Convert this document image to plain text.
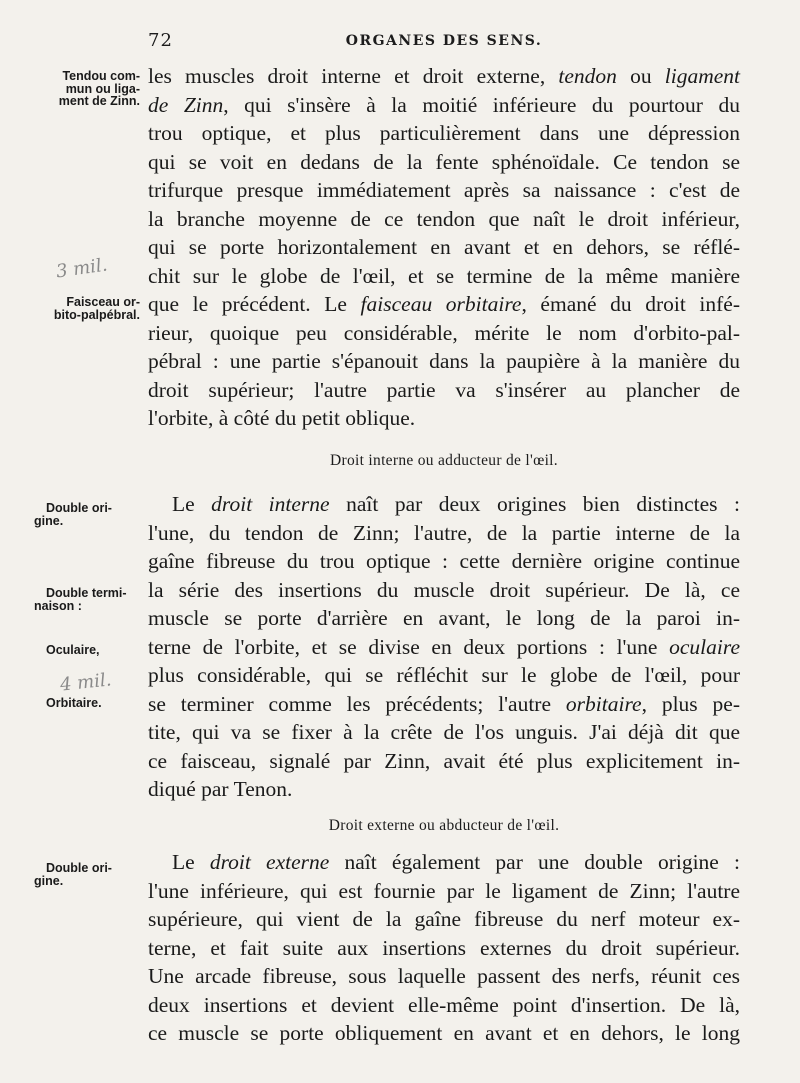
72	ORGANES DES SENS.
Tendou com-
mun ou liga-
ment de Zinn.
Faisceau or-
bito-palpébral.
Double ori-
gine.
Double termi-
naison :
Oculaire,
Orbitaire.
Double ori-
gine.
3 mil.
4 mil.
les muscles droit interne et droit externe, tendon ou ligament
de Zinn, qui s'insère à la moitié inférieure du pourtour du
trou optique, et plus particulièrement dans une dépression
qui se voit en dedans de la fente sphénoïdale. Ce tendon se
trifurque presque immédiatement après sa naissance : c'est de
la branche moyenne de ce tendon que naît le droit inférieur,
qui se porte horizontalement en avant et en dehors, se réflé-
chit sur le globe de l'œil, et se termine de la même manière
que le précédent. Le faisceau orbitaire, émané du droit infé-
rieur, quoique peu considérable, mérite le nom d'orbito-pal-
pébral : une partie s'épanouit dans la paupière à la manière du
droit supérieur; l'autre partie va s'insérer au plancher de
l'orbite, à côté du petit oblique.
Droit interne ou adducteur de l'œil.
Le droit interne naît par deux origines bien distinctes :
l'une, du tendon de Zinn; l'autre, de la partie interne de la
gaîne fibreuse du trou optique : cette dernière origine continue
la série des insertions du muscle droit supérieur. De là, ce
muscle se porte d'arrière en avant, le long de la paroi in-
terne de l'orbite, et se divise en deux portions : l'une oculaire
plus considérable, qui se réfléchit sur le globe de l'œil, pour
se terminer comme les précédents; l'autre orbitaire, plus pe-
tite, qui va se fixer à la crête de l'os unguis. J'ai déjà dit que
ce faisceau, signalé par Zinn, avait été plus explicitement in-
diqué par Tenon.
Droit externe ou abducteur de l'œil.
Le droit externe naît également par une double origine :
l'une inférieure, qui est fournie par le ligament de Zinn; l'autre
supérieure, qui vient de la gaîne fibreuse du nerf moteur ex-
terne, et fait suite aux insertions externes du droit supérieur.
Une arcade fibreuse, sous laquelle passent des nerfs, réunit ces
deux insertions et devient elle-même point d'insertion. De là,
ce muscle se porte obliquement en avant et en dehors, le long
